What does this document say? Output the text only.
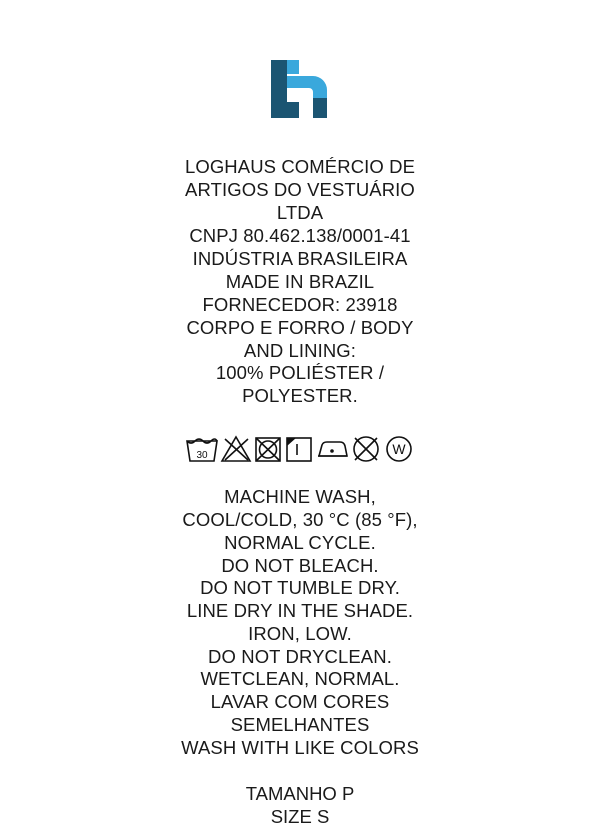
LOGHAUS COMÉRCIO DE
ARTIGOS DO VESTUÁRIO
LTDA
CNPJ 80.462.138/0001-41
INDÚSTRIA BRASILEIRA
MADE IN BRAZIL
FORNECEDOR: 23918
CORPO E FORRO / BODY
AND LINING:
100% POLIÉSTER /
POLYESTER.
30	W
MACHINE WASH,
COOL/COLD, 30 °C (85 °F),
NORMAL CYCLE.
DO NOT BLEACH.
DO NOT TUMBLE DRY.
LINE DRY IN THE SHADE.
IRON, LOW.
DO NOT DRYCLEAN.
WETCLEAN, NORMAL.
LAVAR COM CORES
SEMELHANTES
WASH WITH LIKE COLORS
TAMANHO P
SIZE S
